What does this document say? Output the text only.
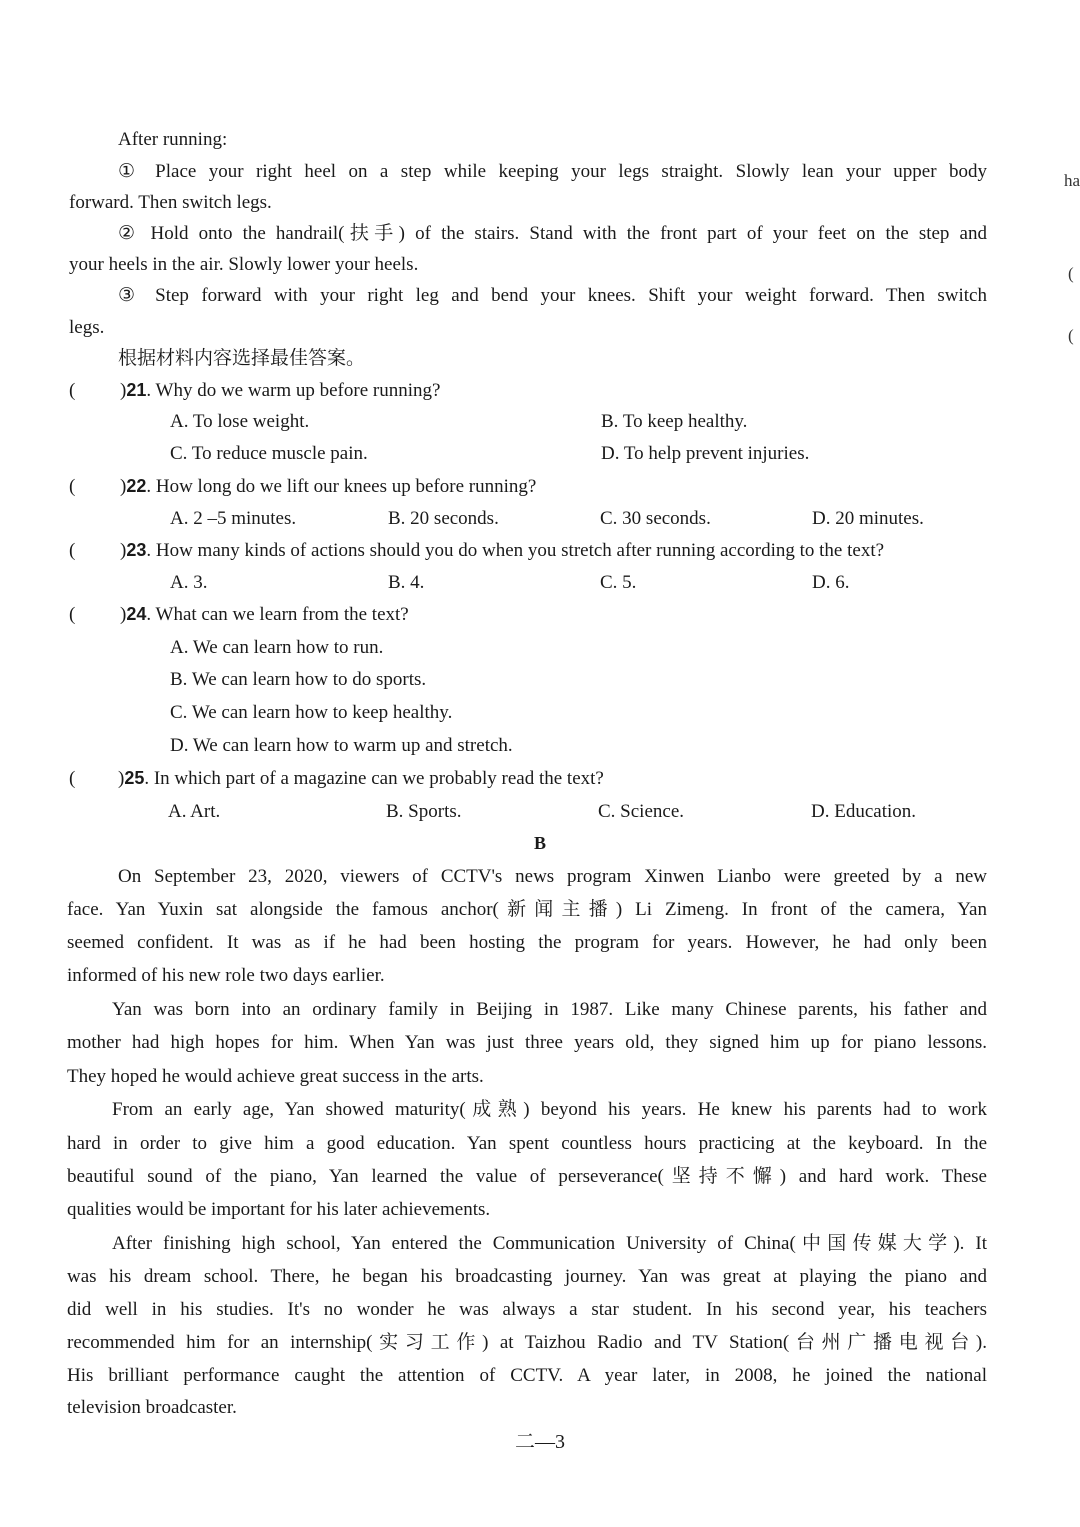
ha
(
(
After running:
① Place your right heel on a step while keeping your legs straight. Slowly lean your upper body
forward. Then switch legs.
② Hold onto the handrail(扶手) of the stairs. Stand with the front part of your feet on the step and
your heels in the air. Slowly lower your heels.
③ Step forward with your right leg and bend your knees. Shift your weight forward. Then switch
legs.
根据材料内容选择最佳答案。
( )21. Why do we warm up before running?
A. To lose weight.	B. To keep healthy.
C. To reduce muscle pain.	D. To help prevent injuries.
( )22. How long do we lift our knees up before running?
A. 2 –5 minutes.	B. 20 seconds.	C. 30 seconds.	D. 20 minutes.
( )23. How many kinds of actions should you do when you stretch after running according to the text?
A. 3.	B. 4.	C. 5.	D. 6.
( )24. What can we learn from the text?
A. We can learn how to run.
B. We can learn how to do sports.
C. We can learn how to keep healthy.
D. We can learn how to warm up and stretch.
( )25. In which part of a magazine can we probably read the text?
A. Art.	B. Sports.	C. Science.	D. Education.
B
On September 23, 2020, viewers of CCTV's news program Xinwen Lianbo were greeted by a new
face. Yan Yuxin sat alongside the famous anchor(新闻主播) Li Zimeng. In front of the camera, Yan
seemed confident. It was as if he had been hosting the program for years. However, he had only been
informed of his new role two days earlier.
Yan was born into an ordinary family in Beijing in 1987. Like many Chinese parents, his father and
mother had high hopes for him. When Yan was just three years old, they signed him up for piano lessons.
They hoped he would achieve great success in the arts.
From an early age, Yan showed maturity(成熟) beyond his years. He knew his parents had to work
hard in order to give him a good education. Yan spent countless hours practicing at the keyboard. In the
beautiful sound of the piano, Yan learned the value of perseverance(坚持不懈) and hard work. These
qualities would be important for his later achievements.
After finishing high school, Yan entered the Communication University of China(中国传媒大学). It
was his dream school. There, he began his broadcasting journey. Yan was great at playing the piano and
did well in his studies. It's no wonder he was always a star student. In his second year, his teachers
recommended him for an internship(实习工作) at Taizhou Radio and TV Station(台州广播电视台).
His brilliant performance caught the attention of CCTV. A year later, in 2008, he joined the national
television broadcaster.
二—3
